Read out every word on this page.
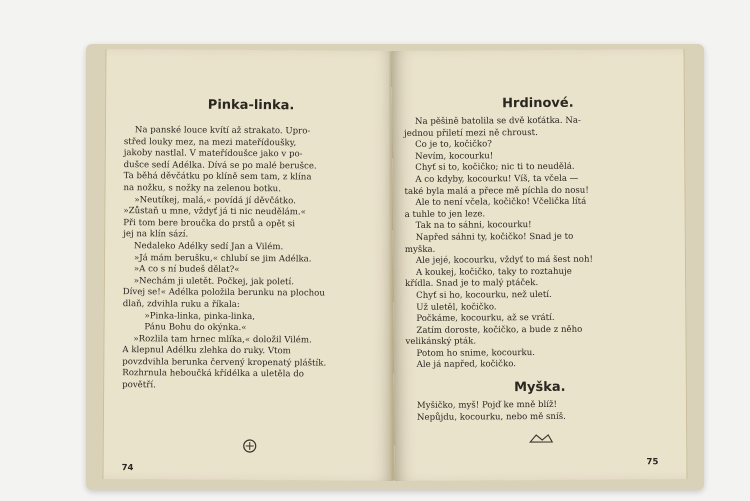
Pinka-linka.
Na panské louce kvítí až strakato. Upro-
střed louky mez, na mezi mateřídoušky,
jakoby nastlal. V mateřídoušce jako v po-
dušce sedí Adélka. Dívá se po malé berušce.
Ta běhá děvčátku po klíně sem tam, z klína
na nožku, s nožky na zelenou botku.
»Neutíkej, malá,« povídá jí děvčátko.
»Zůstaň u mne, vždyť já ti nic neudělám.«
Při tom bere broučka do prstů a opět si
jej na klín sází.
Nedaleko Adélky sedí Jan a Vilém.
»Já mám berušku,« chlubí se jim Adélka.
»A co s ní budeš dělat?«
»Nechám ji uletět. Počkej, jak poletí.
Dívej se!« Adélka položila berunku na plochou
dlaň, zdvihla ruku a říkala:
»Pinka-linka, pinka-linka,
Pánu Bohu do okýnka.«
»Rozlila tam hrnec mlíka,« doložil Vilém.
A klepnul Adélku zlehka do ruky. Vtom
povzdvihla berunka červený kropenatý pláštík.
Rozhrnula heboučká křídélka a uletěla do
povětří.
74
Hrdinové.
Na pěšině batolila se dvě koťátka. Na-
jednou přiletí mezi ně chroust.
Co je to, kočičko?
Nevím, kocourku!
Chyť si to, kočičko; nic ti to neudělá.
A co kdyby, kocourku! Víš, ta včela —
také byla malá a přece mě píchla do nosu!
Ale to není včela, kočičko! Včelička lítá
a tuhle to jen leze.
Tak na to sáhni, kocourku!
Napřed sáhni ty, kočičko! Snad je to
myška.
Ale jejé, kocourku, vždyť to má šest noh!
A koukej, kočičko, taky to roztahuje
křídla. Snad je to malý ptáček.
Chyť si ho, kocourku, než uletí.
Už uletěl, kočičko.
Počkáme, kocourku, až se vrátí.
Zatím doroste, kočičko, a bude z něho
velikánský pták.
Potom ho snime, kocourku.
Ale já napřed, kočičko.
Myška.
Myšičko, myš! Pojď ke mně blíž!
Nepůjdu, kocourku, nebo mě sníš.
75
